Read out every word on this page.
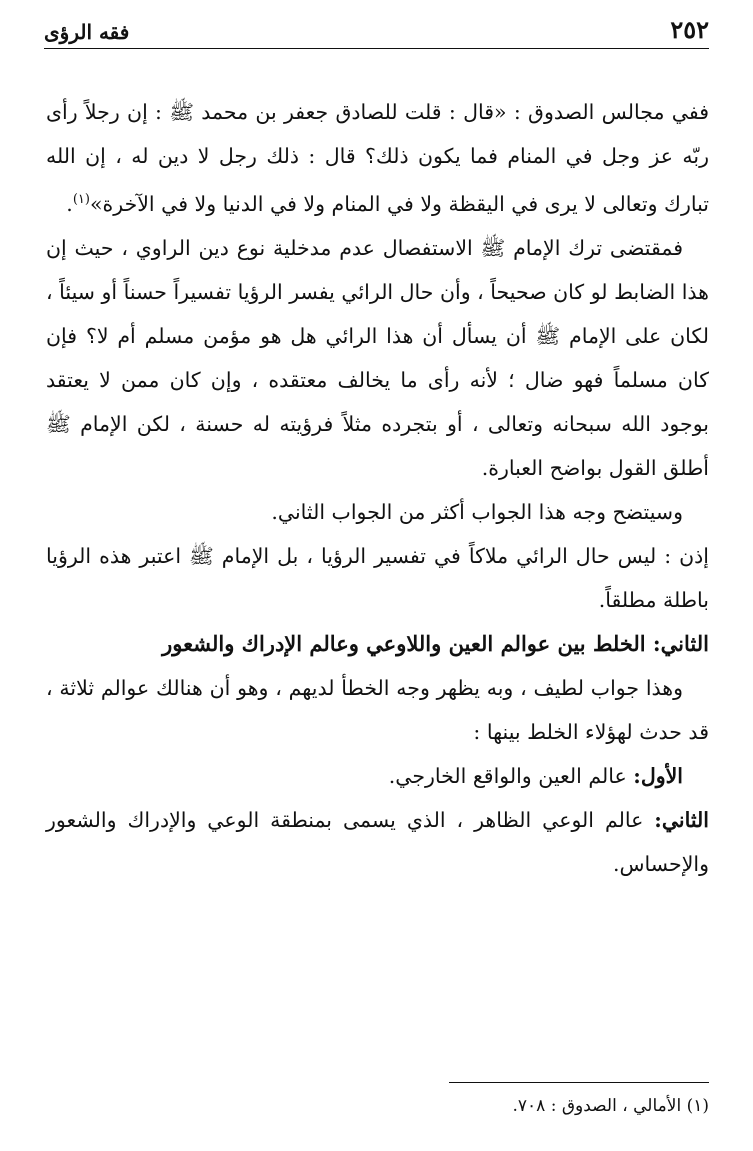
٢٥٢
فقه الرؤى

ففي مجالس الصدوق : «قال : قلت للصادق جعفر بن محمد ﷺ : إن رجلاً رأى ربّه عز وجل في المنام فما يكون ذلك؟ قال : ذلك رجل لا دين له ، إن الله تبارك وتعالى لا يرى في اليقظة ولا في المنام ولا في الدنيا ولا في الآخرة»$^{(١)}$.

فمقتضى ترك الإمام ﷺ الاستفصال عدم مدخلية نوع دين الراوي ، حيث إن هذا الضابط لو كان صحيحاً ، وأن حال الرائي يفسر الرؤيا تفسيراً حسناً أو سيئاً ، لكان على الإمام ﷺ أن يسأل أن هذا الرائي هل هو مؤمن مسلم أم لا؟ فإن كان مسلماً فهو ضال ؛ لأنه رأى ما يخالف معتقده ، وإن كان ممن لا يعتقد بوجود الله سبحانه وتعالى ، أو بتجرده مثلاً فرؤيته له حسنة ، لكن الإمام ﷺ أطلق القول بواضح العبارة.

وسيتضح وجه هذا الجواب أكثر من الجواب الثاني.

إذن : ليس حال الرائي ملاكاً في تفسير الرؤيا ، بل الإمام ﷺ اعتبر هذه الرؤيا باطلة مطلقاً.

الثاني: الخلط بين عوالم العين واللاوعي وعالم الإدراك والشعور

وهذا جواب لطيف ، وبه يظهر وجه الخطأ لديهم ، وهو أن هنالك عوالم ثلاثة ، قد حدث لهؤلاء الخلط بينها :

الأول: عالم العين والواقع الخارجي.

الثاني: عالم الوعي الظاهر ، الذي يسمى بمنطقة الوعي والإدراك والشعور والإحساس.

(١) الأمالي ، الصدوق : ٧٠٨.
